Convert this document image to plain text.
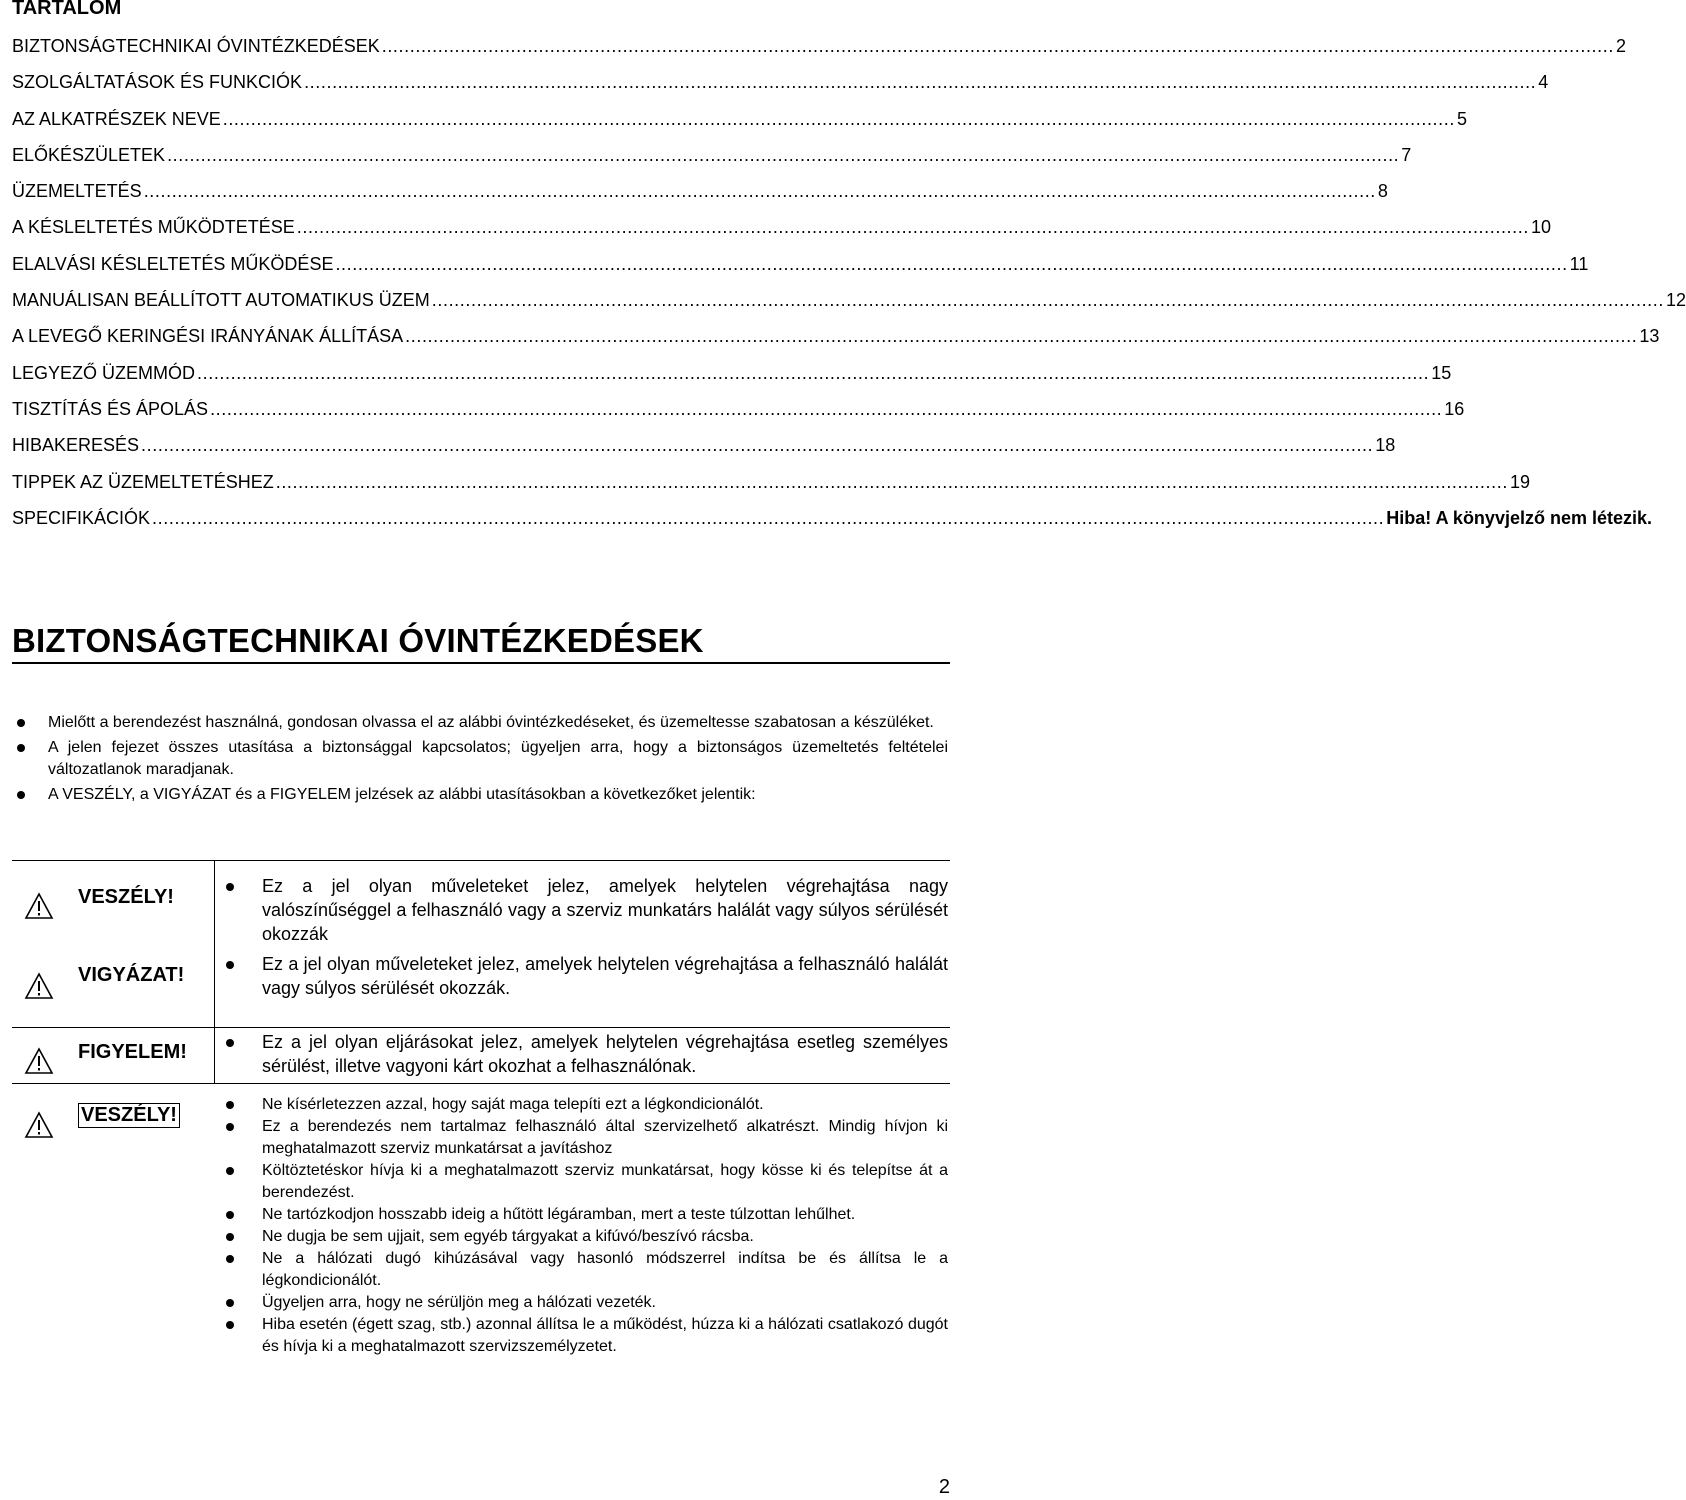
TARTALOM
BIZTONSÁGTECHNIKAI ÓVINTÉZKEDÉSEK ............................................................................................................................................................................................................................ 2
SZOLGÁLTATÁSOK ÉS FUNKCIÓK ............................................................................................................................................................................................................................ 4
AZ ALKATRÉSZEK NEVE ............................................................................................................................................................................................................................ 5
ELŐKÉSZÜLETEK ............................................................................................................................................................................................................................ 7
ÜZEMELTETÉS ............................................................................................................................................................................................................................ 8
A KÉSLELTETÉS MŰKÖDTETÉSE ............................................................................................................................................................................................................................ 10
ELALVÁSI KÉSLELTETÉS MŰKÖDÉSE ............................................................................................................................................................................................................................ 11
MANUÁLISAN BEÁLLÍTOTT AUTOMATIKUS ÜZEM ............................................................................................................................................................................................................................ 12
A LEVEGŐ KERINGÉSI IRÁNYÁNAK ÁLLÍTÁSA ............................................................................................................................................................................................................................ 13
LEGYEZŐ ÜZEMMÓD ............................................................................................................................................................................................................................ 15
TISZTÍTÁS ÉS ÁPOLÁS ............................................................................................................................................................................................................................ 16
HIBAKERESÉS ............................................................................................................................................................................................................................ 18
TIPPEK AZ ÜZEMELTETÉSHEZ ............................................................................................................................................................................................................................ 19
SPECIFIKÁCIÓK ............................................................................................................................................................................................................................ Hiba! A könyvjelző nem létezik.
BIZTONSÁGTECHNIKAI ÓVINTÉZKEDÉSEK
Mielőtt a berendezést használná, gondosan olvassa el az alábbi óvintézkedéseket, és üzemeltesse szabatosan a készüléket.
A jelen fejezet összes utasítása a biztonsággal kapcsolatos; ügyeljen arra, hogy a biztonságos üzemeltetés feltételei változatlanok maradjanak.
A VESZÉLY, a VIGYÁZAT és a FIGYELEM jelzések az alábbi utasításokban a következőket jelentik:
VESZÉLY!	Ez a jel olyan műveleteket jelez, amelyek helytelen végrehajtása nagy valószínűséggel a felhasználó vagy a szerviz munkatárs halálát vagy súlyos sérülését okozzák
VIGYÁZAT!	Ez a jel olyan műveleteket jelez, amelyek helytelen végrehajtása a felhasználó halálát vagy súlyos sérülését okozzák.
FIGYELEM!	Ez a jel olyan eljárásokat jelez, amelyek helytelen végrehajtása esetleg személyes sérülést, illetve vagyoni kárt okozhat a felhasználónak.
VESZÉLY!	Ne kísérletezzen azzal, hogy saját maga telepíti ezt a légkondicionálót.
Ez a berendezés nem tartalmaz felhasználó által szervizelhető alkatrészt. Mindig hívjon ki meghatalmazott szerviz munkatársat a javításhoz
Költöztetéskor hívja ki a meghatalmazott szerviz munkatársat, hogy kösse ki és telepítse át a berendezést.
Ne tartózkodjon hosszabb ideig a hűtött légáramban, mert a teste túlzottan lehűlhet.
Ne dugja be sem ujjait, sem egyéb tárgyakat a kifúvó/beszívó rácsba.
Ne a hálózati dugó kihúzásával vagy hasonló módszerrel indítsa be és állítsa le a légkondicionálót.
Ügyeljen arra, hogy ne sérüljön meg a hálózati vezeték.
Hiba esetén (égett szag, stb.) azonnal állítsa le a működést, húzza ki a hálózati csatlakozó dugót és hívja ki a meghatalmazott szervizszemélyzetet.
2
